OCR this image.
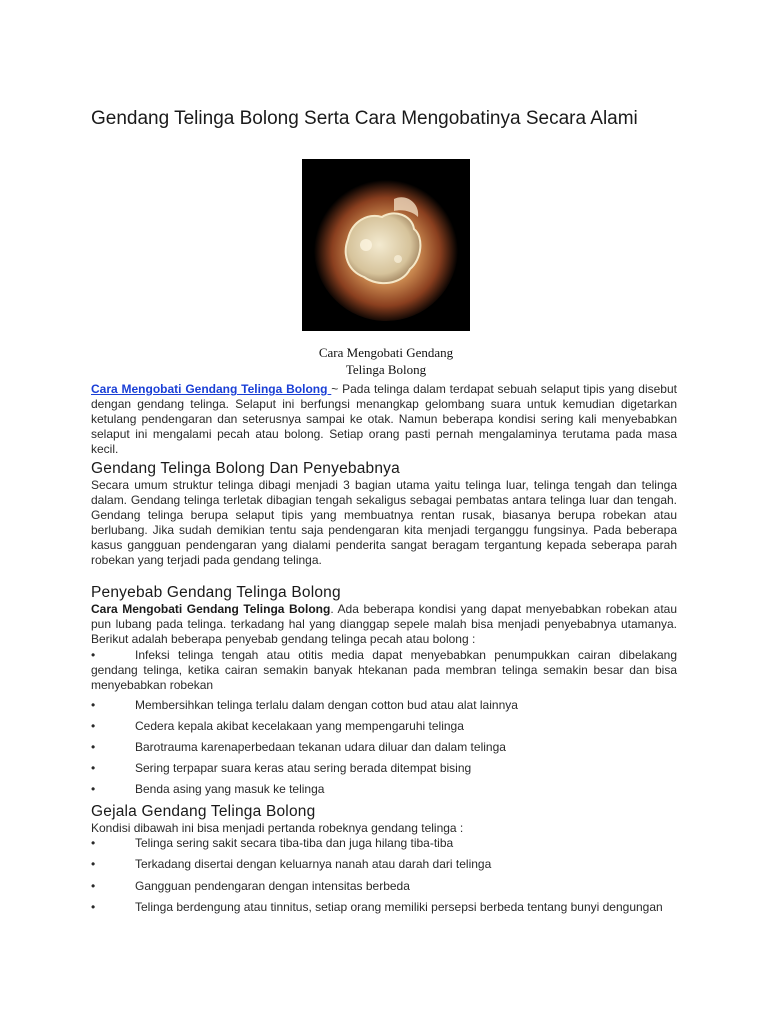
Gendang Telinga Bolong Serta Cara Mengobatinya Secara Alami
Cara Mengobati Gendang
Telinga Bolong

Cara Mengobati Gendang Telinga Bolong ~ Pada telinga dalam terdapat sebuah selaput tipis yang disebut dengan gendang telinga. Selaput ini berfungsi menangkap gelombang suara untuk kemudian digetarkan ketulang pendengaran dan seterusnya sampai ke otak. Namun beberapa kondisi sering kali menyebabkan selaput ini mengalami pecah atau bolong. Setiap orang pasti pernah mengalaminya terutama pada masa kecil.

Gendang Telinga Bolong Dan Penyebabnya

Secara umum struktur telinga dibagi menjadi 3 bagian utama yaitu telinga luar, telinga tengah dan telinga dalam. Gendang telinga terletak dibagian tengah sekaligus sebagai pembatas antara telinga luar dan tengah. Gendang telinga berupa selaput tipis yang membuatnya rentan rusak, biasanya berupa robekan atau berlubang. Jika sudah demikian tentu saja pendengaran kita menjadi terganggu fungsinya. Pada beberapa kasus gangguan pendengaran yang dialami penderita sangat beragam tergantung kepada seberapa parah robekan yang terjadi pada gendang telinga.

Penyebab Gendang Telinga Bolong

Cara Mengobati Gendang Telinga Bolong. Ada beberapa kondisi yang dapat menyebabkan robekan atau pun lubang pada telinga. terkadang hal yang dianggap sepele malah bisa menjadi penyebabnya utamanya. Berikut adalah beberapa penyebab gendang telinga pecah atau bolong :

•	Infeksi telinga tengah atau otitis media dapat menyebabkan penumpukkan cairan dibelakang gendang telinga, ketika cairan semakin banyak htekanan pada membran telinga semakin besar dan bisa menyebabkan robekan
•	Membersihkan telinga terlalu dalam dengan cotton bud atau alat lainnya
•	Cedera kepala akibat kecelakaan yang mempengaruhi telinga
•	Barotrauma karenaperbedaan tekanan udara diluar dan dalam telinga
•	Sering terpapar suara keras atau sering berada ditempat bising
•	Benda asing yang masuk ke telinga
Gejala Gendang Telinga Bolong

Kondisi dibawah ini bisa menjadi pertanda robeknya gendang telinga :

•	Telinga sering sakit secara tiba-tiba dan juga hilang tiba-tiba
•	Terkadang disertai dengan keluarnya nanah atau darah dari telinga
•	Gangguan pendengaran dengan intensitas berbeda
•	Telinga berdengung atau tinnitus, setiap orang memiliki persepsi berbeda tentang bunyi dengungan
